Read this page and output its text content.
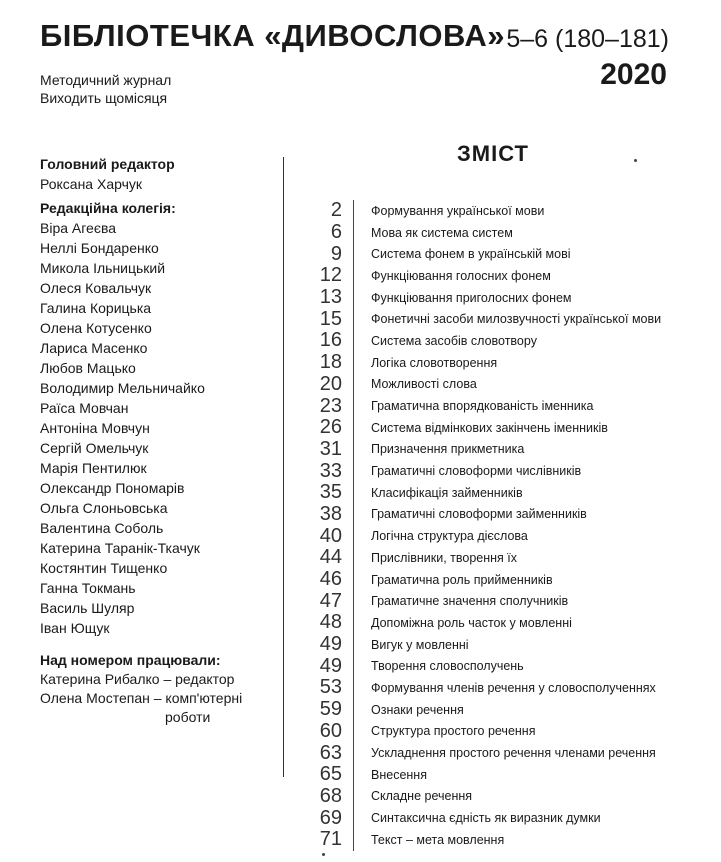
БІБЛІОТЕЧКА «ДИВОСЛОВА» 5–6 (180–181)
2020
Методичний журнал
Виходить щомісяця
Головний редактор
Роксана Харчук
Редакційна колегія:
Віра Агеєва
Неллі Бондаренко
Микола Ільницький
Олеся Ковальчук
Галина Корицька
Олена Котусенко
Лариса Масенко
Любов Мацько
Володимир Мельничайко
Раїса Мовчан
Антоніна Мовчун
Сергій Омельчук
Марія Пентилюк
Олександр Пономарів
Ольга Слоньовська
Валентина Соболь
Катерина Таранік-Ткачук
Костянтин Тищенко
Ганна Токмань
Василь Шуляр
Іван Ющук
Над номером працювали:
Катерина Рибалко – редактор
Олена Мостепан – комп'ютерні
роботи
ЗМІСТ
2 Формування української мови
6 Мова як система систем
9 Система фонем в українській мові
12 Функціювання голосних фонем
13 Функціювання приголосних фонем
15 Фонетичні засоби милозвучності української мови
16 Система засобів словотвору
18 Логіка словотворення
20 Можливості слова
23 Граматична впорядкованість іменника
26 Система відмінкових закінчень іменників
31 Призначення прикметника
33 Граматичні словоформи числівників
35 Класифікація займенників
38 Граматичні словоформи займенників
40 Логічна структура дієслова
44 Прислівники, творення їх
46 Граматична роль прийменників
47 Граматичне значення сполучників
48 Допоміжна роль часток у мовленні
49 Вигук у мовленні
49 Творення словосполучень
53 Формування членів речення у словосполученнях
59 Ознаки речення
60 Структура простого речення
63 Ускладнення простого речення членами речення
65 Внесення
68 Складне речення
69 Синтаксична єдність як виразник думки
71 Текст – мета мовлення
